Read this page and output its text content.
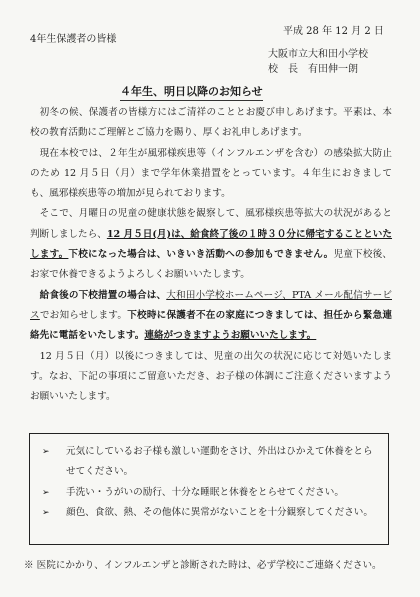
平成 28 年 12 月 2 日
4年生保護者の皆様
大阪市立大和田小学校
校　長　有田伸一朗
４年生、明日以降のお知らせ

初冬の候、保護者の皆様方にはご清祥のこととお慶び申しあげます。平素は、本校の教育活動にご理解とご協力を賜り、厚くお礼申しあげます。

現在本校では、２年生が風邪様疾患等（インフルエンザを含む）の感染拡大防止のため 12 月５日（月）まで学年休業措置をとっています。４年生におきましても、風邪様疾患等の増加が見られております。

そこで、月曜日の児童の健康状態を観察して、風邪様疾患等拡大の状況があると判断しましたら、12 月５日(月)は、給食終了後の１時３０分に帰宅することといたします。下校になった場合は、いきいき活動への参加もできません。児童下校後、お家で休養できるようよろしくお願いいたします。

給食後の下校措置の場合は、大和田小学校ホームページ、PTA メール配信サービスでお知らせします。下校時に保護者不在の家庭につきましては、担任から緊急連絡先に電話をいたします。連絡がつきますようお願いいたします。

12 月５日（月）以後につきましては、児童の出欠の状況に応じて対処いたします。なお、下記の事項にご留意いただき、お子様の体調にご注意くださいますようお願いいたします。

➢ 元気にしているお子様も激しい運動をさけ、外出はひかえて休養をとらせてください。
➢ 手洗い・うがいの励行、十分な睡眠と休養をとらせてください。
➢ 顔色、食欲、熱、その他体に異常がないことを十分観察してください。
※ 医院にかかり、インフルエンザと診断された時は、必ず学校にご連絡ください。
